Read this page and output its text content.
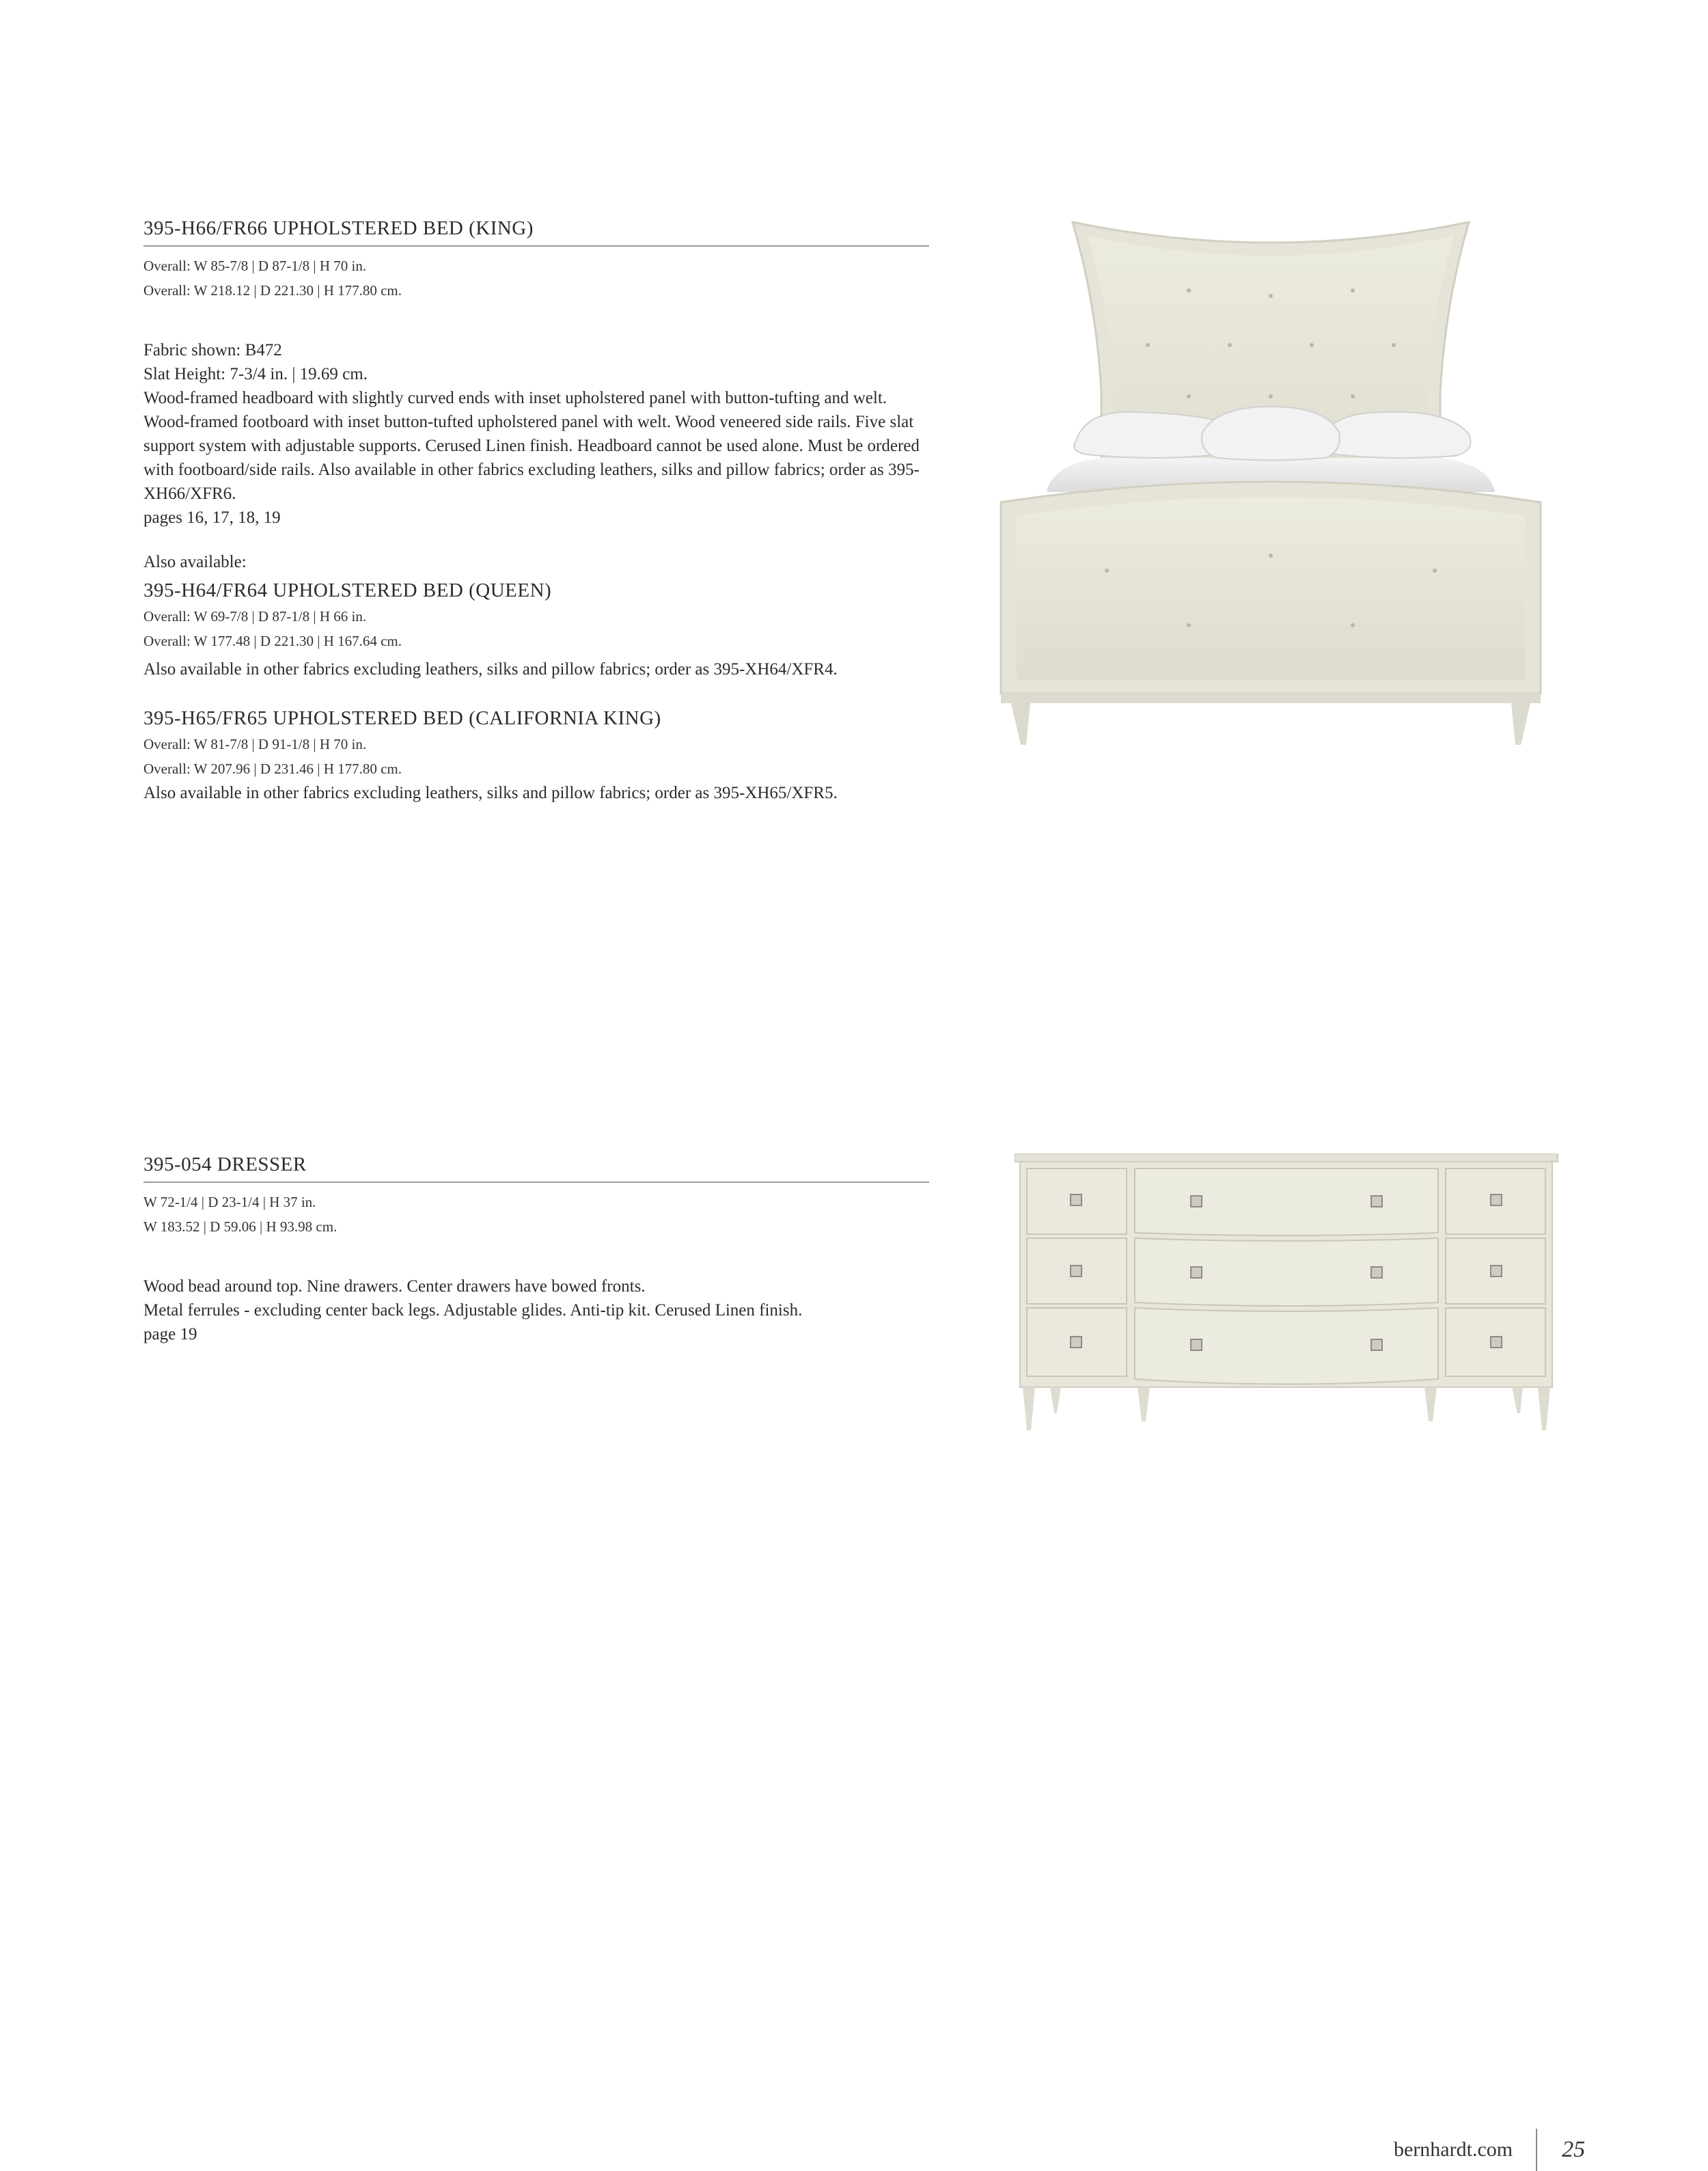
395-H66/FR66 UPHOLSTERED BED (KING)
Overall: W 85-7/8 | D 87-1/8 | H 70 in.
Overall: W 218.12 | D 221.30 | H 177.80 cm.
Fabric shown: B472
Slat Height: 7-3/4 in. | 19.69 cm.
Wood-framed headboard with slightly curved ends with inset upholstered panel with button-tufting and welt. Wood-framed footboard with inset button-tufted upholstered panel with welt. Wood veneered side rails. Five slat support system with adjustable supports. Cerused Linen finish. Headboard cannot be used alone. Must be ordered with footboard/side rails. Also available in other fabrics excluding leathers, silks and pillow fabrics; order as 395-XH66/XFR6.
pages 16, 17, 18, 19
Also available:
395-H64/FR64 UPHOLSTERED BED (QUEEN)
Overall: W 69-7/8 | D 87-1/8 | H 66 in.
Overall: W 177.48 | D 221.30 | H 167.64 cm.
Also available in other fabrics excluding leathers, silks and pillow fabrics; order as 395-XH64/XFR4.
395-H65/FR65 UPHOLSTERED BED (CALIFORNIA KING)
Overall: W 81-7/8 | D 91-1/8 | H 70 in.
Overall: W 207.96 | D 231.46 | H 177.80 cm.
Also available in other fabrics excluding leathers, silks and pillow fabrics; order as 395-XH65/XFR5.
395-054 DRESSER
W 72-1/4 | D 23-1/4 | H 37 in.
W 183.52 | D 59.06 | H 93.98 cm.
Wood bead around top. Nine drawers. Center drawers have bowed fronts.
Metal ferrules - excluding center back legs. Adjustable glides. Anti-tip kit. Cerused Linen finish.
page 19
bernhardt.com 25
